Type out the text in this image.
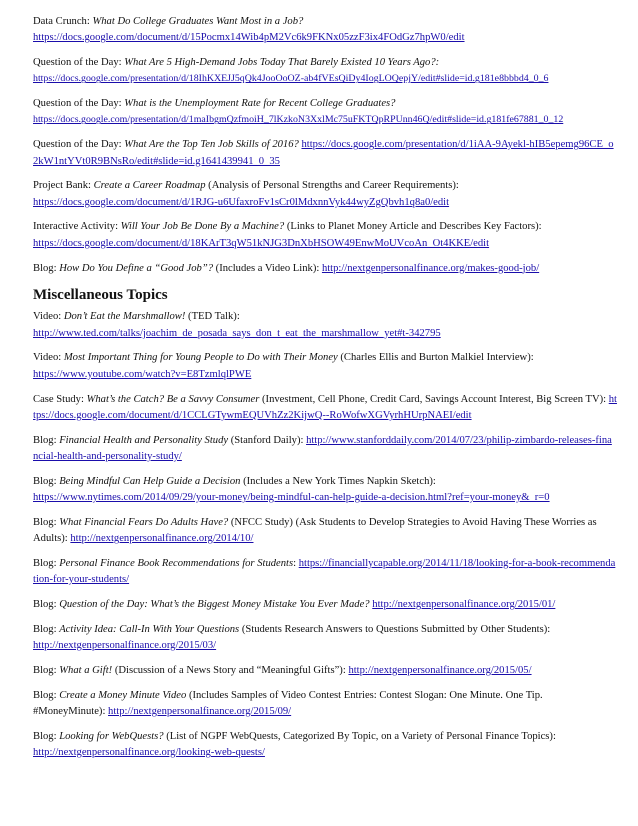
Data Crunch: What Do College Graduates Want Most in a Job?
https://docs.google.com/document/d/15Pocmx14Wib4pM2Vc6k9FKNx05zzF3ix4FOdGz7hpW0/edit

Question of the Day: What Are 5 High-Demand Jobs Today That Barely Existed 10 Years Ago?:
https://docs.google.com/presentation/d/18IhKXEJJ5qQk4JooOoOZ-ab4fVEsQiDy4IogLOQepjY/edit#slide=id.g181e8bbbd4_0_6

Question of the Day: What is the Unemployment Rate for Recent College Graduates?
https://docs.google.com/presentation/d/1maIbgmQzfmoiH_7lKzkoN3XxlMc75uFKTQpRPUnn46Q/edit#slide=id.g181fe67881_0_12

Question of the Day: What Are the Top Ten Job Skills of 2016? https://docs.google.com/presentation/d/1iAA-9Ayekl-hIB5epemg96CE_o2kW1ntYVt0R9BNsRo/edit#slide=id.g1641439941_0_35

Project Bank: Create a Career Roadmap (Analysis of Personal Strengths and Career Requirements):
https://docs.google.com/document/d/1RJG-u6UfaxroFv1sCr0lMdxnnVyk44wyZgQbvh1q8a0/edit

Interactive Activity: Will Your Job Be Done By a Machine? (Links to Planet Money Article and Describes Key Factors):
https://docs.google.com/document/d/18KArT3qW51kNJG3DnXbHSOW49EnwMoUVcoAn_Ot4KKE/edit

Blog: How Do You Define a “Good Job”? (Includes a Video Link): http://nextgenpersonalfinance.org/makes-good-job/

Miscellaneous Topics

Video: Don’t Eat the Marshmallow! (TED Talk):
http://www.ted.com/talks/joachim_de_posada_says_don_t_eat_the_marshmallow_yet#t-342795

Video: Most Important Thing for Young People to Do with Their Money (Charles Ellis and Burton Malkiel Interview):
https://www.youtube.com/watch?v=E8TzmlqlPWE

Case Study: What’s the Catch? Be a Savvy Consumer (Investment, Cell Phone, Credit Card, Savings Account Interest, Big Screen TV): https://docs.google.com/document/d/1CCLGTywmEQUVhZz2KijwQ--RoWofwXGVyrhHUrpNAEI/edit

Blog: Financial Health and Personality Study (Stanford Daily): http://www.stanforddaily.com/2014/07/23/philip-zimbardo-releases-financial-health-and-personality-study/

Blog: Being Mindful Can Help Guide a Decision (Includes a New York Times Napkin Sketch):
https://www.nytimes.com/2014/09/29/your-money/being-mindful-can-help-guide-a-decision.html?ref=your-money&_r=0

Blog: What Financial Fears Do Adults Have? (NFCC Study) (Ask Students to Develop Strategies to Avoid Having These Worries as Adults): http://nextgenpersonalfinance.org/2014/10/

Blog: Personal Finance Book Recommendations for Students: https://financiallycapable.org/2014/11/18/looking-for-a-book-recommendation-for-your-students/

Blog: Question of the Day: What’s the Biggest Money Mistake You Ever Made? http://nextgenpersonalfinance.org/2015/01/

Blog: Activity Idea: Call-In With Your Questions (Students Research Answers to Questions Submitted by Other Students):
http://nextgenpersonalfinance.org/2015/03/

Blog: What a Gift! (Discussion of a News Story and “Meaningful Gifts”): http://nextgenpersonalfinance.org/2015/05/

Blog: Create a Money Minute Video (Includes Samples of Video Contest Entries: Contest Slogan: One Minute. One Tip. #MoneyMinute): http://nextgenpersonalfinance.org/2015/09/

Blog: Looking for WebQuests? (List of NGPF WebQuests, Categorized By Topic, on a Variety of Personal Finance Topics):
http://nextgenpersonalfinance.org/looking-web-quests/
